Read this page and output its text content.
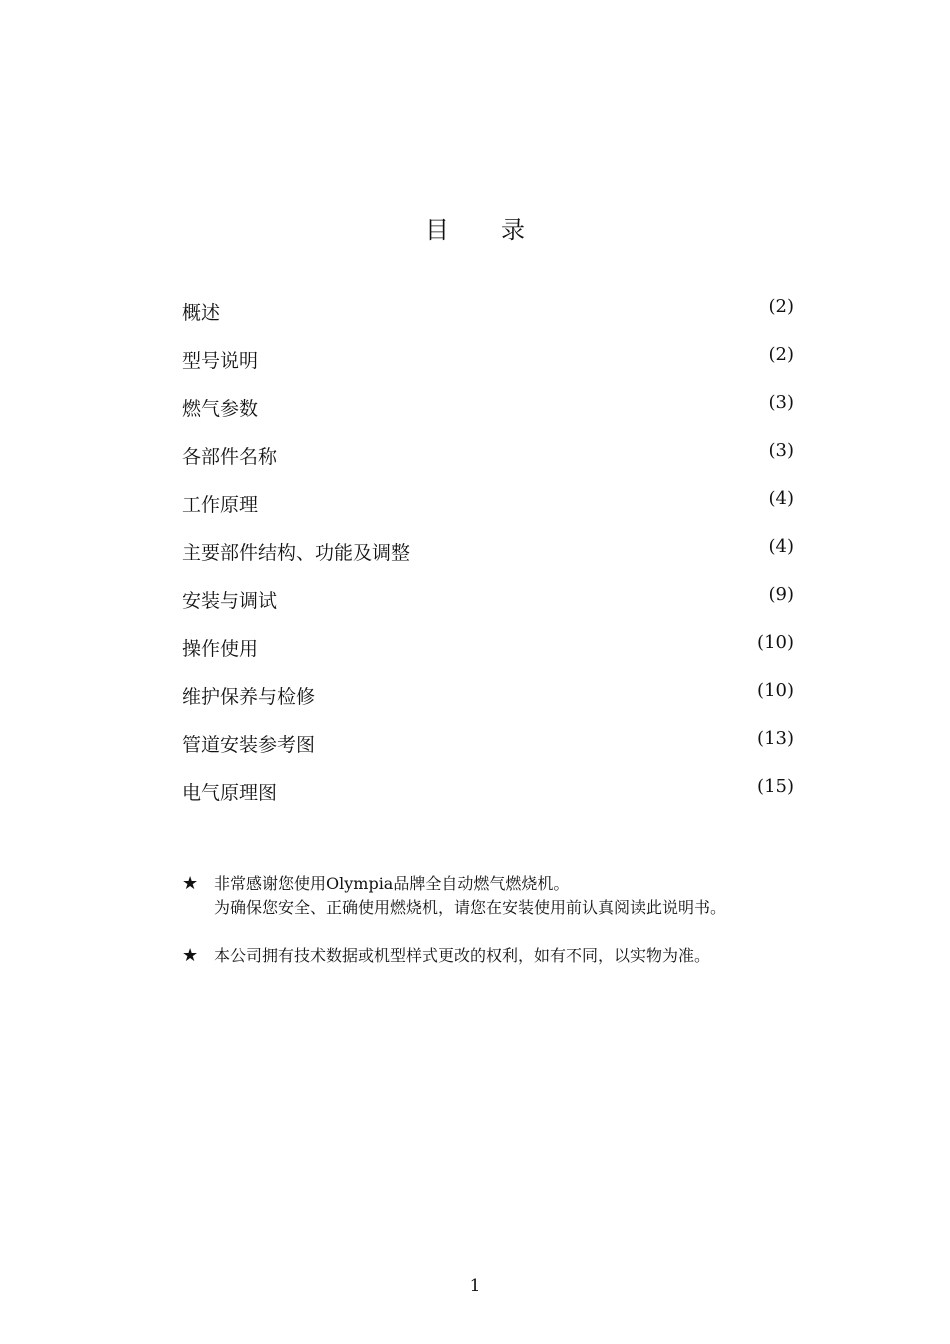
目 录
概述	(2)
型号说明	(2)
燃气参数	(3)
各部件名称	(3)
工作原理	(4)
主要部件结构、功能及调整	(4)
安装与调试	(9)
操作使用	(10)
维护保养与检修	(10)
管道安装参考图	(13)
电气原理图	(15)
★ 非常感谢您使用Olympia品牌全自动燃气燃烧机。
为确保您安全、正确使用燃烧机，请您在安装使用前认真阅读此说明书。
★ 本公司拥有技术数据或机型样式更改的权利，如有不同，以实物为准。
1
